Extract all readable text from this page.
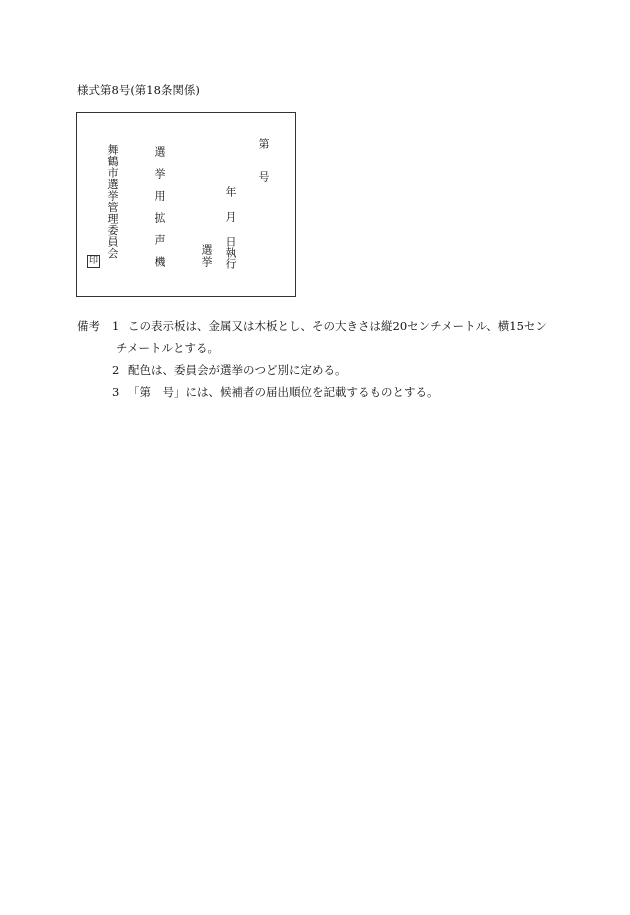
様式第8号(第18条関係)
舞鶴市選挙管理委員会
印	選挙用拡声機	選挙
年月日執行
第号
備考	1 この表示板は、金属又は木板とし、その大きさは縦20センチメートル、横15セン
チメートルとする。
2 配色は、委員会が選挙のつど別に定める。
3 「第　号」には、候補者の届出順位を記載するものとする。
